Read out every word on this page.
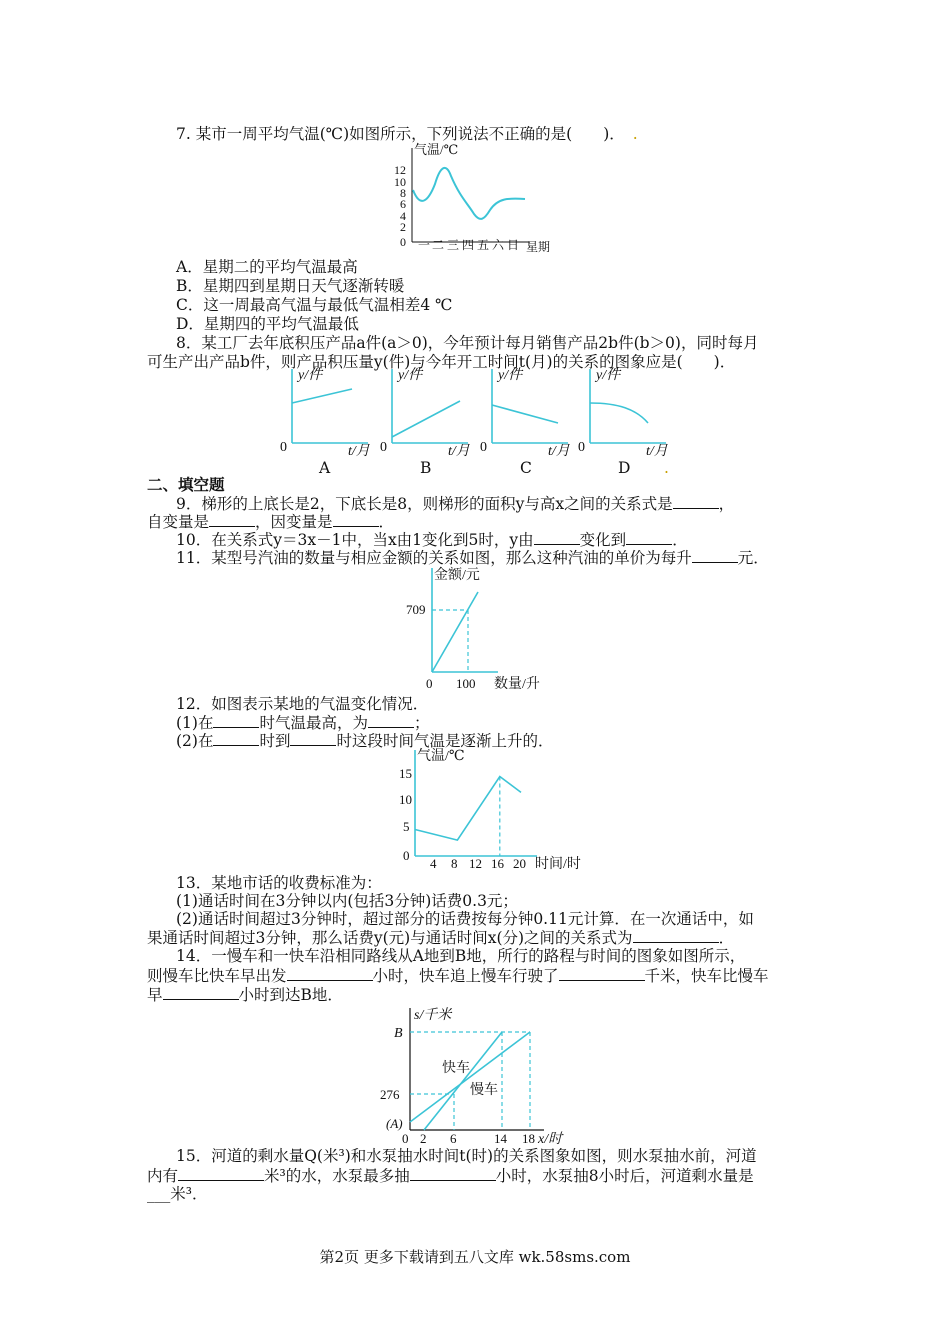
7. 某市一周平均气温(℃)如图所示，下列说法不正确的是(　　)． .
气温/℃
12
10
8
6
4
2
0 一 二 三 四 五 六 日 星期
A．星期二的平均气温最高
B．星期四到星期日天气逐渐转暖
C．这一周最高气温与最低气温相差4 ℃
D．星期四的平均气温最低
8．某工厂去年底积压产品a件(a＞0)，今年预计每月销售产品2b件(b＞0)，同时每月
可生产出产品b件，则产品积压量y(件)与今年开工时间t(月)的关系的图象应是(　　)．
y/件
0	t/月
y/件
0	t/月
y/件
0	t/月
y/件
0	t/月
A	B	C	D .
二、填空题
9．梯形的上底长是2，下底长是8，则梯形的面积y与高x之间的关系式是	，
自变量是	，因变量是	．
10．在关系式y＝3x－1中，当x由1变化到5时，y由	变化到	．
11．某型号汽油的数量与相应金额的关系如图，那么这种汽油的单价为每升	元．
金额/元
709
0 100 数量/升
12．如图表示某地的气温变化情况．
(1)在	时气温最高，为	；
(2)在	时到	时这段时间气温是逐渐上升的．
气温/℃
15
10
5
0
4 8 12 16 20 时间/时
13．某地市话的收费标准为：
(1)通话时间在3分钟以内(包括3分钟)话费0.3元；
(2)通话时间超过3分钟时，超过部分的话费按每分钟0.11元计算．在一次通话中，如
果通话时间超过3分钟，那么话费y(元)与通话时间x(分)之间的关系式为	．
14．一慢车和一快车沿相同路线从A地到B地，所行的路程与时间的图象如图所示，
则慢车比快车早出发	小时，快车追上慢车行驶了	千米，快车比慢车
早	小时到达B地．
s/千米
B
276
(A)
0 2 6	14 18 x/时
快车
慢车
15．河道的剩水量Q(米³)和水泵抽水时间t(时)的关系图象如图，则水泵抽水前，河道
内有	米³的水，水泵最多抽	小时，水泵抽8小时后，河道剩水量是
___米³．
第2页 更多下载请到五八文库 wk.58sms.com
